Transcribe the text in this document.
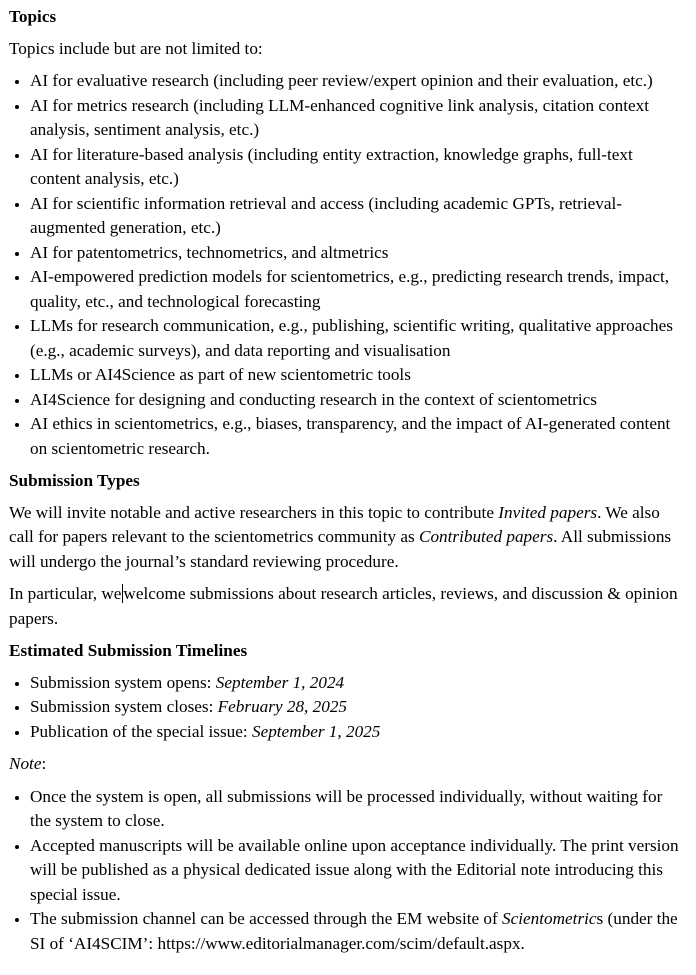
Topics

Topics include but are not limited to:

• AI for evaluative research (including peer review/expert opinion and their evaluation, etc.)
• AI for metrics research (including LLM-enhanced cognitive link analysis, citation context analysis, sentiment analysis, etc.)
• AI for literature-based analysis (including entity extraction, knowledge graphs, full-text content analysis, etc.)
• AI for scientific information retrieval and access (including academic GPTs, retrieval-augmented generation, etc.)
• AI for patentometrics, technometrics, and altmetrics
• AI-empowered prediction models for scientometrics, e.g., predicting research trends, impact, quality, etc., and technological forecasting
• LLMs for research communication, e.g., publishing, scientific writing, qualitative approaches (e.g., academic surveys), and data reporting and visualisation
• LLMs or AI4Science as part of new scientometric tools
• AI4Science for designing and conducting research in the context of scientometrics
• AI ethics in scientometrics, e.g., biases, transparency, and the impact of AI-generated content on scientometric research.
Submission Types

We will invite notable and active researchers in this topic to contribute Invited papers. We also call for papers relevant to the scientometrics community as Contributed papers. All submissions will undergo the journal’s standard reviewing procedure.

In particular, we welcome submissions about research articles, reviews, and discussion & opinion papers.

Estimated Submission Timelines
• Submission system opens: September 1, 2024
• Submission system closes: February 28, 2025
• Publication of the special issue: September 1, 2025

Note:

• Once the system is open, all submissions will be processed individually, without waiting for the system to close.
• Accepted manuscripts will be available online upon acceptance individually. The print version will be published as a physical dedicated issue along with the Editorial note introducing this special issue.
• The submission channel can be accessed through the EM website of Scientometrics (under the SI of ‘AI4SCIM’: https://www.editorialmanager.com/scim/default.aspx.
